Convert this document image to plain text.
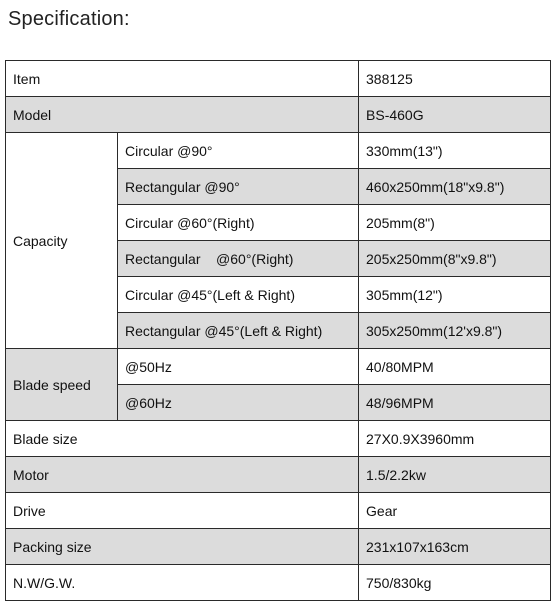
Specification:
Item		388125
Model		BS-460G
Capacity	Circular @90°	330mm(13")
	Rectangular @90°	460x250mm(18"x9.8")
	Circular @60°(Right)	205mm(8")
	Rectangular    @60°(Right)	205x250mm(8"x9.8")
	Circular @45°(Left & Right)	305mm(12")
	Rectangular @45°(Left & Right)	305x250mm(12'x9.8")
Blade speed	@50Hz	40/80MPM
	@60Hz	48/96MPM
Blade size		27X0.9X3960mm
Motor		1.5/2.2kw
Drive		Gear
Packing size		231x107x163cm
N.W/G.W.		750/830kg
